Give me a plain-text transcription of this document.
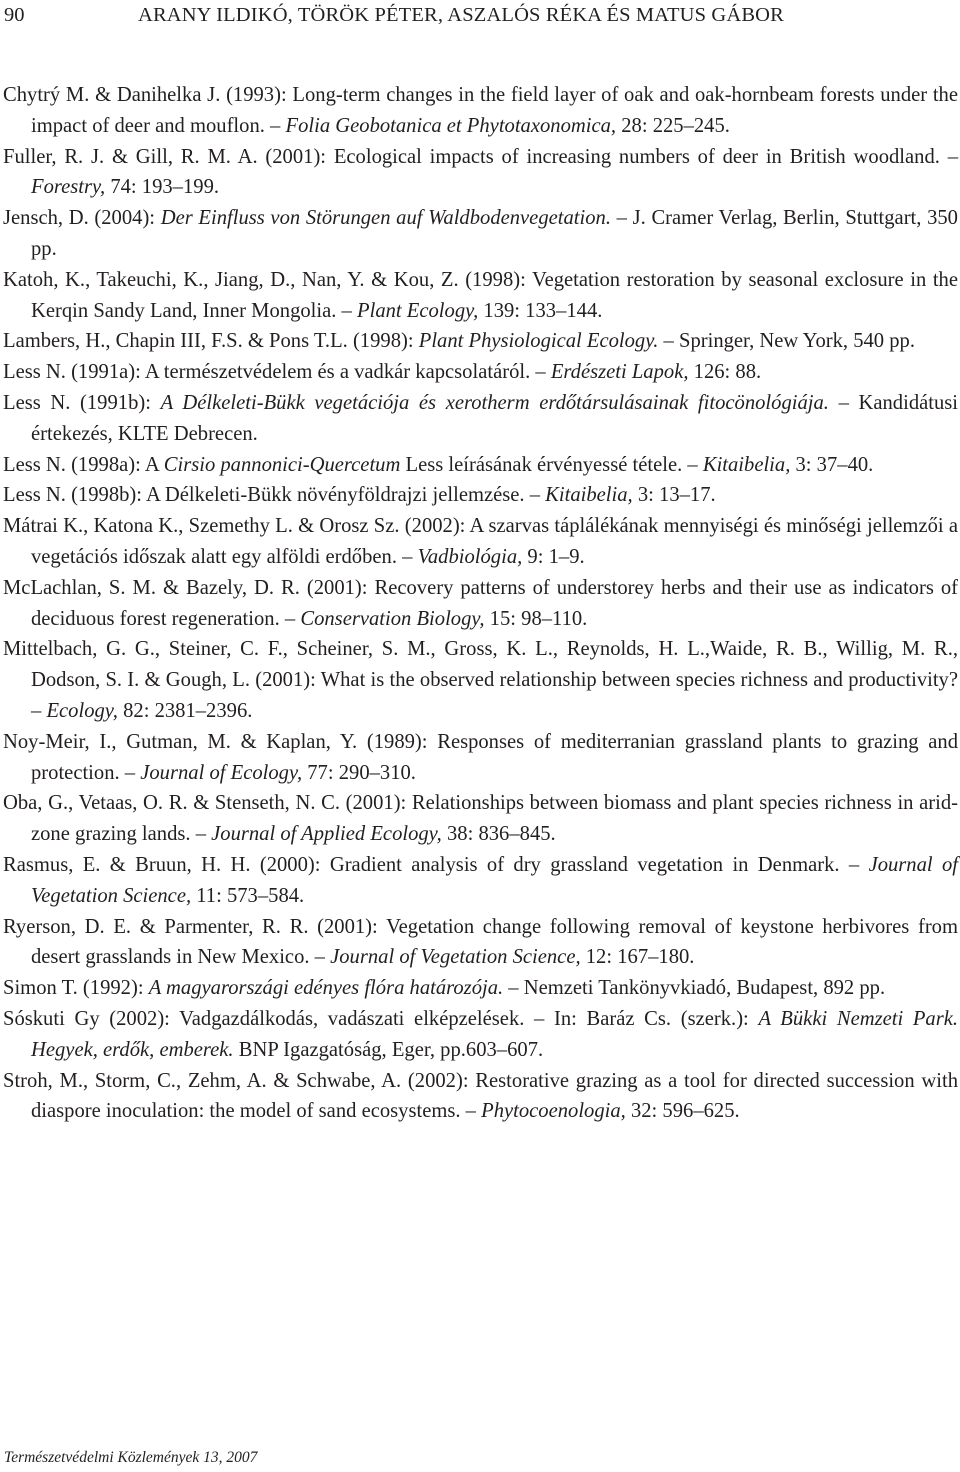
90	ARANY ILDIKÓ, TÖRÖK PÉTER, ASZALÓS RÉKA ÉS MATUS GÁBOR

Chytrý M. & Danihelka J. (1993): Long-term changes in the field layer of oak and oak-hornbeam forests under the impact of deer and mouflon. – Folia Geobotanica et Phytotaxonomica, 28: 225–245.

Fuller, R. J. & Gill, R. M. A. (2001): Ecological impacts of increasing numbers of deer in British woodland. – Forestry, 74: 193–199.

Jensch, D. (2004): Der Einfluss von Störungen auf Waldbodenvegetation. – J. Cramer Verlag, Berlin, Stuttgart, 350 pp.

Katoh, K., Takeuchi, K., Jiang, D., Nan, Y. & Kou, Z. (1998): Vegetation restoration by seasonal exclosure in the Kerqin Sandy Land, Inner Mongolia. – Plant Ecology, 139: 133–144.

Lambers, H., Chapin III, F.S. & Pons T.L. (1998): Plant Physiological Ecology. – Springer, New York, 540 pp.

Less N. (1991a): A természetvédelem és a vadkár kapcsolatáról. – Erdészeti Lapok, 126: 88.

Less N. (1991b): A Délkeleti-Bükk vegetációja és xerotherm erdőtársulásainak fitocönológiája. – Kandidátusi értekezés, KLTE Debrecen.

Less N. (1998a): A Cirsio pannonici-Quercetum Less leírásának érvényessé tétele. – Kitaibelia, 3: 37–40.

Less N. (1998b): A Délkeleti-Bükk növényföldrajzi jellemzése. – Kitaibelia, 3: 13–17.

Mátrai K., Katona K., Szemethy L. & Orosz Sz. (2002): A szarvas táplálékának mennyiségi és minőségi jellemzői a vegetációs időszak alatt egy alföldi erdőben. – Vadbiológia, 9: 1–9.

McLachlan, S. M. & Bazely, D. R. (2001): Recovery patterns of understorey herbs and their use as indicators of deciduous forest regeneration. – Conservation Biology, 15: 98–110.

Mittelbach, G. G., Steiner, C. F., Scheiner, S. M., Gross, K. L., Reynolds, H. L.,Waide, R. B., Willig, M. R., Dodson, S. I. & Gough, L. (2001): What is the observed relationship between species richness and productivity? – Ecology, 82: 2381–2396.

Noy-Meir, I., Gutman, M. & Kaplan, Y. (1989): Responses of mediterranian grassland plants to grazing and protection. – Journal of Ecology, 77: 290–310.

Oba, G., Vetaas, O. R. & Stenseth, N. C. (2001): Relationships between biomass and plant species richness in arid-zone grazing lands. – Journal of Applied Ecology, 38: 836–845.

Rasmus, E. & Bruun, H. H. (2000): Gradient analysis of dry grassland vegetation in Denmark. – Journal of Vegetation Science, 11: 573–584.

Ryerson, D. E. & Parmenter, R. R. (2001): Vegetation change following removal of keystone herbivores from desert grasslands in New Mexico. – Journal of Vegetation Science, 12: 167–180.

Simon T. (1992): A magyarországi edényes flóra határozója. – Nemzeti Tankönyvkiadó, Budapest, 892 pp.

Sóskuti Gy (2002): Vadgazdálkodás, vadászati elképzelések. – In: Baráz Cs. (szerk.): A Bükki Nemzeti Park. Hegyek, erdők, emberek. BNP Igazgatóság, Eger, pp.603–607.

Stroh, M., Storm, C., Zehm, A. & Schwabe, A. (2002): Restorative grazing as a tool for directed succession with diaspore inoculation: the model of sand ecosystems. – Phytocoenologia, 32: 596–625.

Természetvédelmi Közlemények 13, 2007
